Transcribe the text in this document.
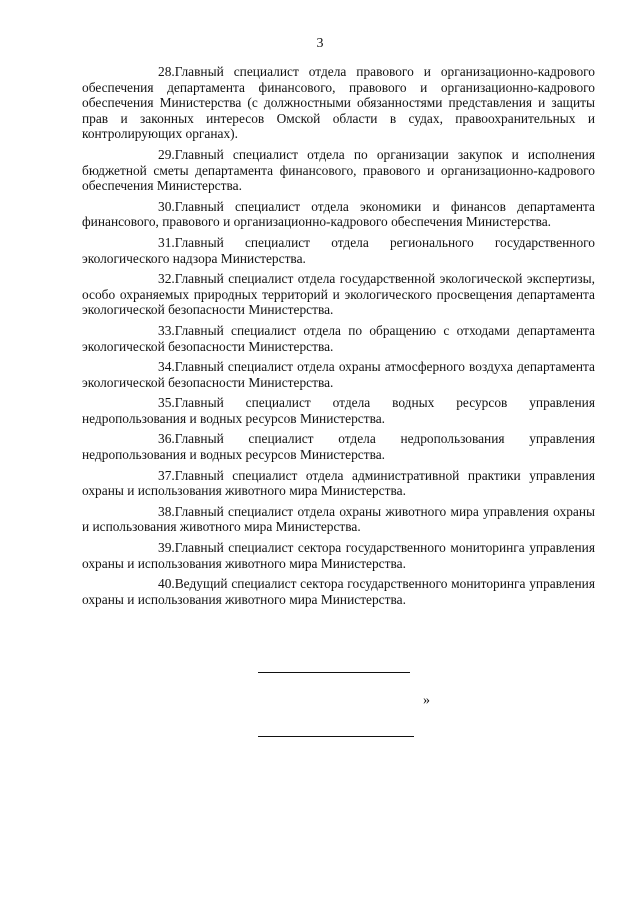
3

28.Главный специалист отдела правового и организационно-кадрового обеспечения департамента финансового, правового и организационно-кадрового обеспечения Министерства (с должностными обязанностями представления и защиты прав и законных интересов Омской области в судах, правоохранительных и контролирующих органах).

29.Главный специалист отдела по организации закупок и исполнения бюджетной сметы департамента финансового, правового и организационно-кадрового обеспечения Министерства.

30.Главный специалист отдела экономики и финансов департамента финансового, правового и организационно-кадрового обеспечения Министерства.

31.Главный специалист отдела регионального государственного экологического надзора Министерства.

32.Главный специалист отдела государственной экологической экспертизы, особо охраняемых природных территорий и экологического просвещения департамента экологической безопасности Министерства.

33.Главный специалист отдела по обращению с отходами департамента экологической безопасности Министерства.

34.Главный специалист отдела охраны атмосферного воздуха департамента экологической безопасности Министерства.

35.Главный специалист отдела водных ресурсов управления недропользования и водных ресурсов Министерства.

36.Главный специалист отдела недропользования управления недропользования и водных ресурсов Министерства.

37.Главный специалист отдела административной практики управления охраны и использования животного мира Министерства.

38.Главный специалист отдела охраны животного мира управления охраны и использования животного мира Министерства.

39.Главный специалист сектора государственного мониторинга управления охраны и использования животного мира Министерства.

40.Ведущий специалист сектора государственного мониторинга управления охраны и использования животного мира Министерства.

»
